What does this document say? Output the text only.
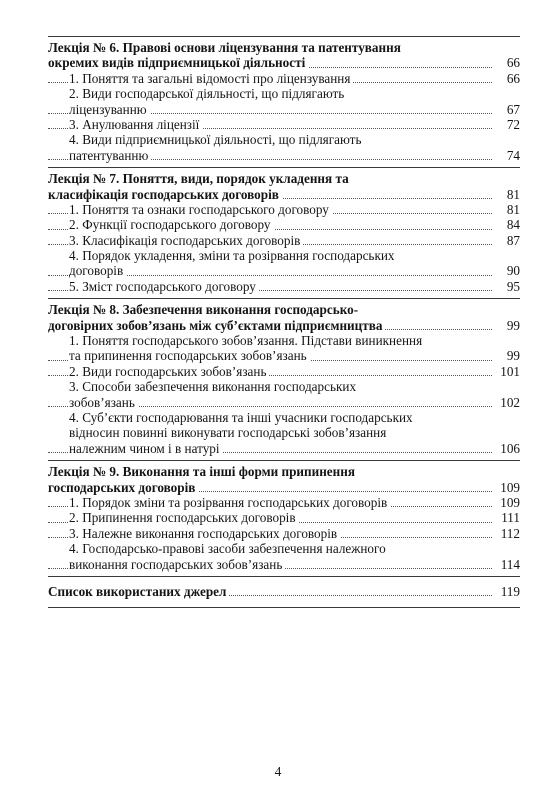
Лекція № 6. Правові основи ліцензування та патентування
окремих видів підприємницької діяльності	66
1. Поняття та загальні відомості про ліцензування	66
2. Види господарської діяльності, що підлягають
ліцензуванню	67
3. Анулювання ліцензії	72
4. Види підприємницької діяльності, що підлягають
патентуванню	74
Лекція № 7. Поняття, види, порядок укладення та
класифікація господарських договорів	81
1. Поняття та ознаки господарського договору	81
2. Функції господарського договору	84
3. Класифікація господарських договорів	87
4. Порядок укладення, зміни та розірвання господарських
договорів	90
5. Зміст господарського договору	95
Лекція № 8. Забезпечення виконання господарсько-
договірних зобов’язань між суб’єктами підприємництва	99
1. Поняття господарського зобов’язання. Підстави виникнення
та припинення господарських зобов’язань	99
2. Види господарських зобов’язань	101
3. Способи забезпечення виконання господарських
зобов’язань	102
4. Суб’єкти господарювання та інші учасники господарських
відносин повинні виконувати господарські зобов’язання
належним чином і в натурі	106
Лекція № 9. Виконання та інші форми припинення
господарських договорів	109
1. Порядок зміни та розірвання господарських договорів	109
2. Припинення господарських договорів	111
3. Належне виконання господарських договорів	112
4. Господарсько-правові засоби забезпечення належного
виконання господарських зобов’язань	114
Список використаних джерел	119
4
